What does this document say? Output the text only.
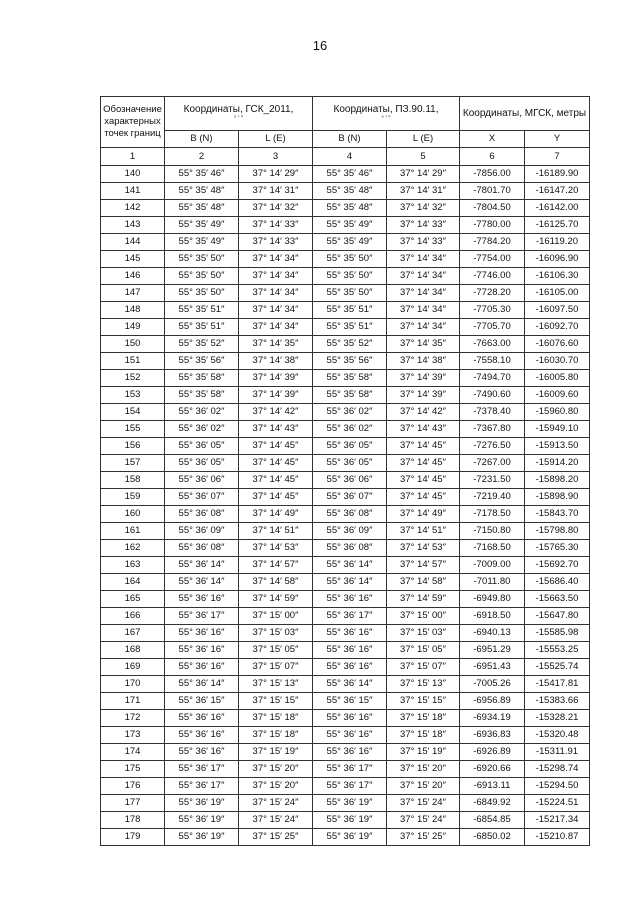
16
Обозначение характерных точек границ	Координаты, ГСК_2011,
° ′ ″		Координаты, ПЗ.90.11,
° ′ ″		Координаты, МГСК, метры	
	B (N)	L (E)	B (N)	L (E)	X	Y
1	2	3	4	5	6	7
140	55° 35′ 46″	37° 14′ 29″	55° 35′ 46″	37° 14′ 29″	-7856.00	-16189.90
141	55° 35′ 48″	37° 14′ 31″	55° 35′ 48″	37° 14′ 31″	-7801.70	-16147.20
142	55° 35′ 48″	37° 14′ 32″	55° 35′ 48″	37° 14′ 32″	-7804.50	-16142.00
143	55° 35′ 49″	37° 14′ 33″	55° 35′ 49″	37° 14′ 33″	-7780.00	-16125.70
144	55° 35′ 49″	37° 14′ 33″	55° 35′ 49″	37° 14′ 33″	-7784.20	-16119.20
145	55° 35′ 50″	37° 14′ 34″	55° 35′ 50″	37° 14′ 34″	-7754.00	-16096.90
146	55° 35′ 50″	37° 14′ 34″	55° 35′ 50″	37° 14′ 34″	-7746.00	-16106.30
147	55° 35′ 50″	37° 14′ 34″	55° 35′ 50″	37° 14′ 34″	-7728.20	-16105.00
148	55° 35′ 51″	37° 14′ 34″	55° 35′ 51″	37° 14′ 34″	-7705.30	-16097.50
149	55° 35′ 51″	37° 14′ 34″	55° 35′ 51″	37° 14′ 34″	-7705.70	-16092.70
150	55° 35′ 52″	37° 14′ 35″	55° 35′ 52″	37° 14′ 35″	-7663.00	-16076.60
151	55° 35′ 56″	37° 14′ 38″	55° 35′ 56″	37° 14′ 38″	-7558.10	-16030.70
152	55° 35′ 58″	37° 14′ 39″	55° 35′ 58″	37° 14′ 39″	-7494.70	-16005.80
153	55° 35′ 58″	37° 14′ 39″	55° 35′ 58″	37° 14′ 39″	-7490.60	-16009.60
154	55° 36′ 02″	37° 14′ 42″	55° 36′ 02″	37° 14′ 42″	-7378.40	-15960.80
155	55° 36′ 02″	37° 14′ 43″	55° 36′ 02″	37° 14′ 43″	-7367.80	-15949.10
156	55° 36′ 05″	37° 14′ 45″	55° 36′ 05″	37° 14′ 45″	-7276.50	-15913.50
157	55° 36′ 05″	37° 14′ 45″	55° 36′ 05″	37° 14′ 45″	-7267.00	-15914.20
158	55° 36′ 06″	37° 14′ 45″	55° 36′ 06″	37° 14′ 45″	-7231.50	-15898.20
159	55° 36′ 07″	37° 14′ 45″	55° 36′ 07″	37° 14′ 45″	-7219.40	-15898.90
160	55° 36′ 08″	37° 14′ 49″	55° 36′ 08″	37° 14′ 49″	-7178.50	-15843.70
161	55° 36′ 09″	37° 14′ 51″	55° 36′ 09″	37° 14′ 51″	-7150.80	-15798.80
162	55° 36′ 08″	37° 14′ 53″	55° 36′ 08″	37° 14′ 53″	-7168.50	-15765.30
163	55° 36′ 14″	37° 14′ 57″	55° 36′ 14″	37° 14′ 57″	-7009.00	-15692.70
164	55° 36′ 14″	37° 14′ 58″	55° 36′ 14″	37° 14′ 58″	-7011.80	-15686.40
165	55° 36′ 16″	37° 14′ 59″	55° 36′ 16″	37° 14′ 59″	-6949.80	-15663.50
166	55° 36′ 17″	37° 15′ 00″	55° 36′ 17″	37° 15′ 00″	-6918.50	-15647.80
167	55° 36′ 16″	37° 15′ 03″	55° 36′ 16″	37° 15′ 03″	-6940.13	-15585.98
168	55° 36′ 16″	37° 15′ 05″	55° 36′ 16″	37° 15′ 05″	-6951.29	-15553.25
169	55° 36′ 16″	37° 15′ 07″	55° 36′ 16″	37° 15′ 07″	-6951.43	-15525.74
170	55° 36′ 14″	37° 15′ 13″	55° 36′ 14″	37° 15′ 13″	-7005.26	-15417.81
171	55° 36′ 15″	37° 15′ 15″	55° 36′ 15″	37° 15′ 15″	-6956.89	-15383.66
172	55° 36′ 16″	37° 15′ 18″	55° 36′ 16″	37° 15′ 18″	-6934.19	-15328.21
173	55° 36′ 16″	37° 15′ 18″	55° 36′ 16″	37° 15′ 18″	-6936.83	-15320.48
174	55° 36′ 16″	37° 15′ 19″	55° 36′ 16″	37° 15′ 19″	-6926.89	-15311.91
175	55° 36′ 17″	37° 15′ 20″	55° 36′ 17″	37° 15′ 20″	-6920.66	-15298.74
176	55° 36′ 17″	37° 15′ 20″	55° 36′ 17″	37° 15′ 20″	-6913.11	-15294.50
177	55° 36′ 19″	37° 15′ 24″	55° 36′ 19″	37° 15′ 24″	-6849.92	-15224.51
178	55° 36′ 19″	37° 15′ 24″	55° 36′ 19″	37° 15′ 24″	-6854.85	-15217.34
179	55° 36′ 19″	37° 15′ 25″	55° 36′ 19″	37° 15′ 25″	-6850.02	-15210.87
